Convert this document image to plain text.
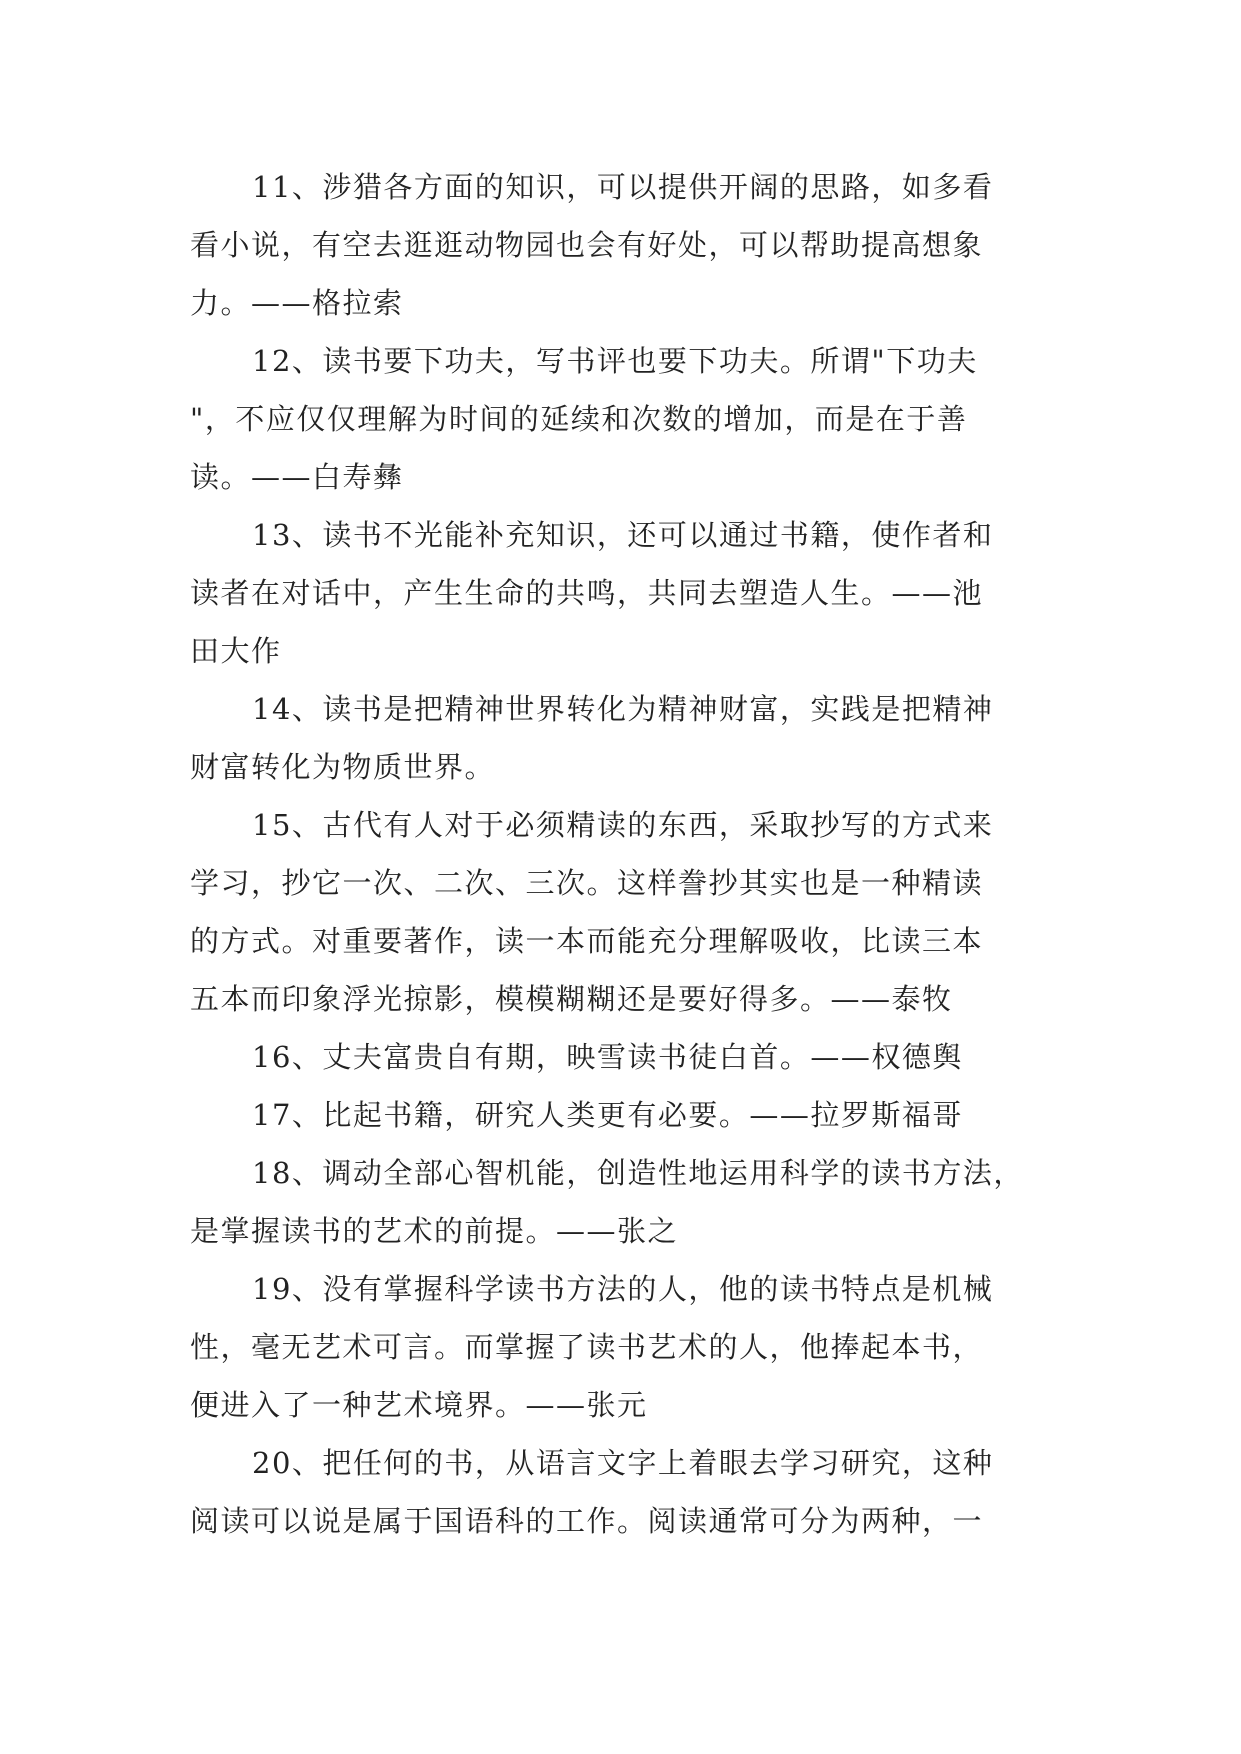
11、涉猎各方面的知识，可以提供开阔的思路，如多看
看小说，有空去逛逛动物园也会有好处，可以帮助提高想象
力。——格拉索
12、读书要下功夫，写书评也要下功夫。所谓"下功夫
"，不应仅仅理解为时间的延续和次数的增加，而是在于善
读。——白寿彝
13、读书不光能补充知识，还可以通过书籍，使作者和
读者在对话中，产生生命的共鸣，共同去塑造人生。——池
田大作
14、读书是把精神世界转化为精神财富，实践是把精神
财富转化为物质世界。
15、古代有人对于必须精读的东西，采取抄写的方式来
学习，抄它一次、二次、三次。这样誊抄其实也是一种精读
的方式。对重要著作，读一本而能充分理解吸收，比读三本
五本而印象浮光掠影，模模糊糊还是要好得多。——泰牧
16、丈夫富贵自有期，映雪读书徒白首。——权德舆
17、比起书籍，研究人类更有必要。——拉罗斯福哥
18、调动全部心智机能，创造性地运用科学的读书方法，
是掌握读书的艺术的前提。——张之
19、没有掌握科学读书方法的人，他的读书特点是机械
性，毫无艺术可言。而掌握了读书艺术的人，他捧起本书，
便进入了一种艺术境界。——张元
20、把任何的书，从语言文字上着眼去学习研究，这种
阅读可以说是属于国语科的工作。阅读通常可分为两种，一
